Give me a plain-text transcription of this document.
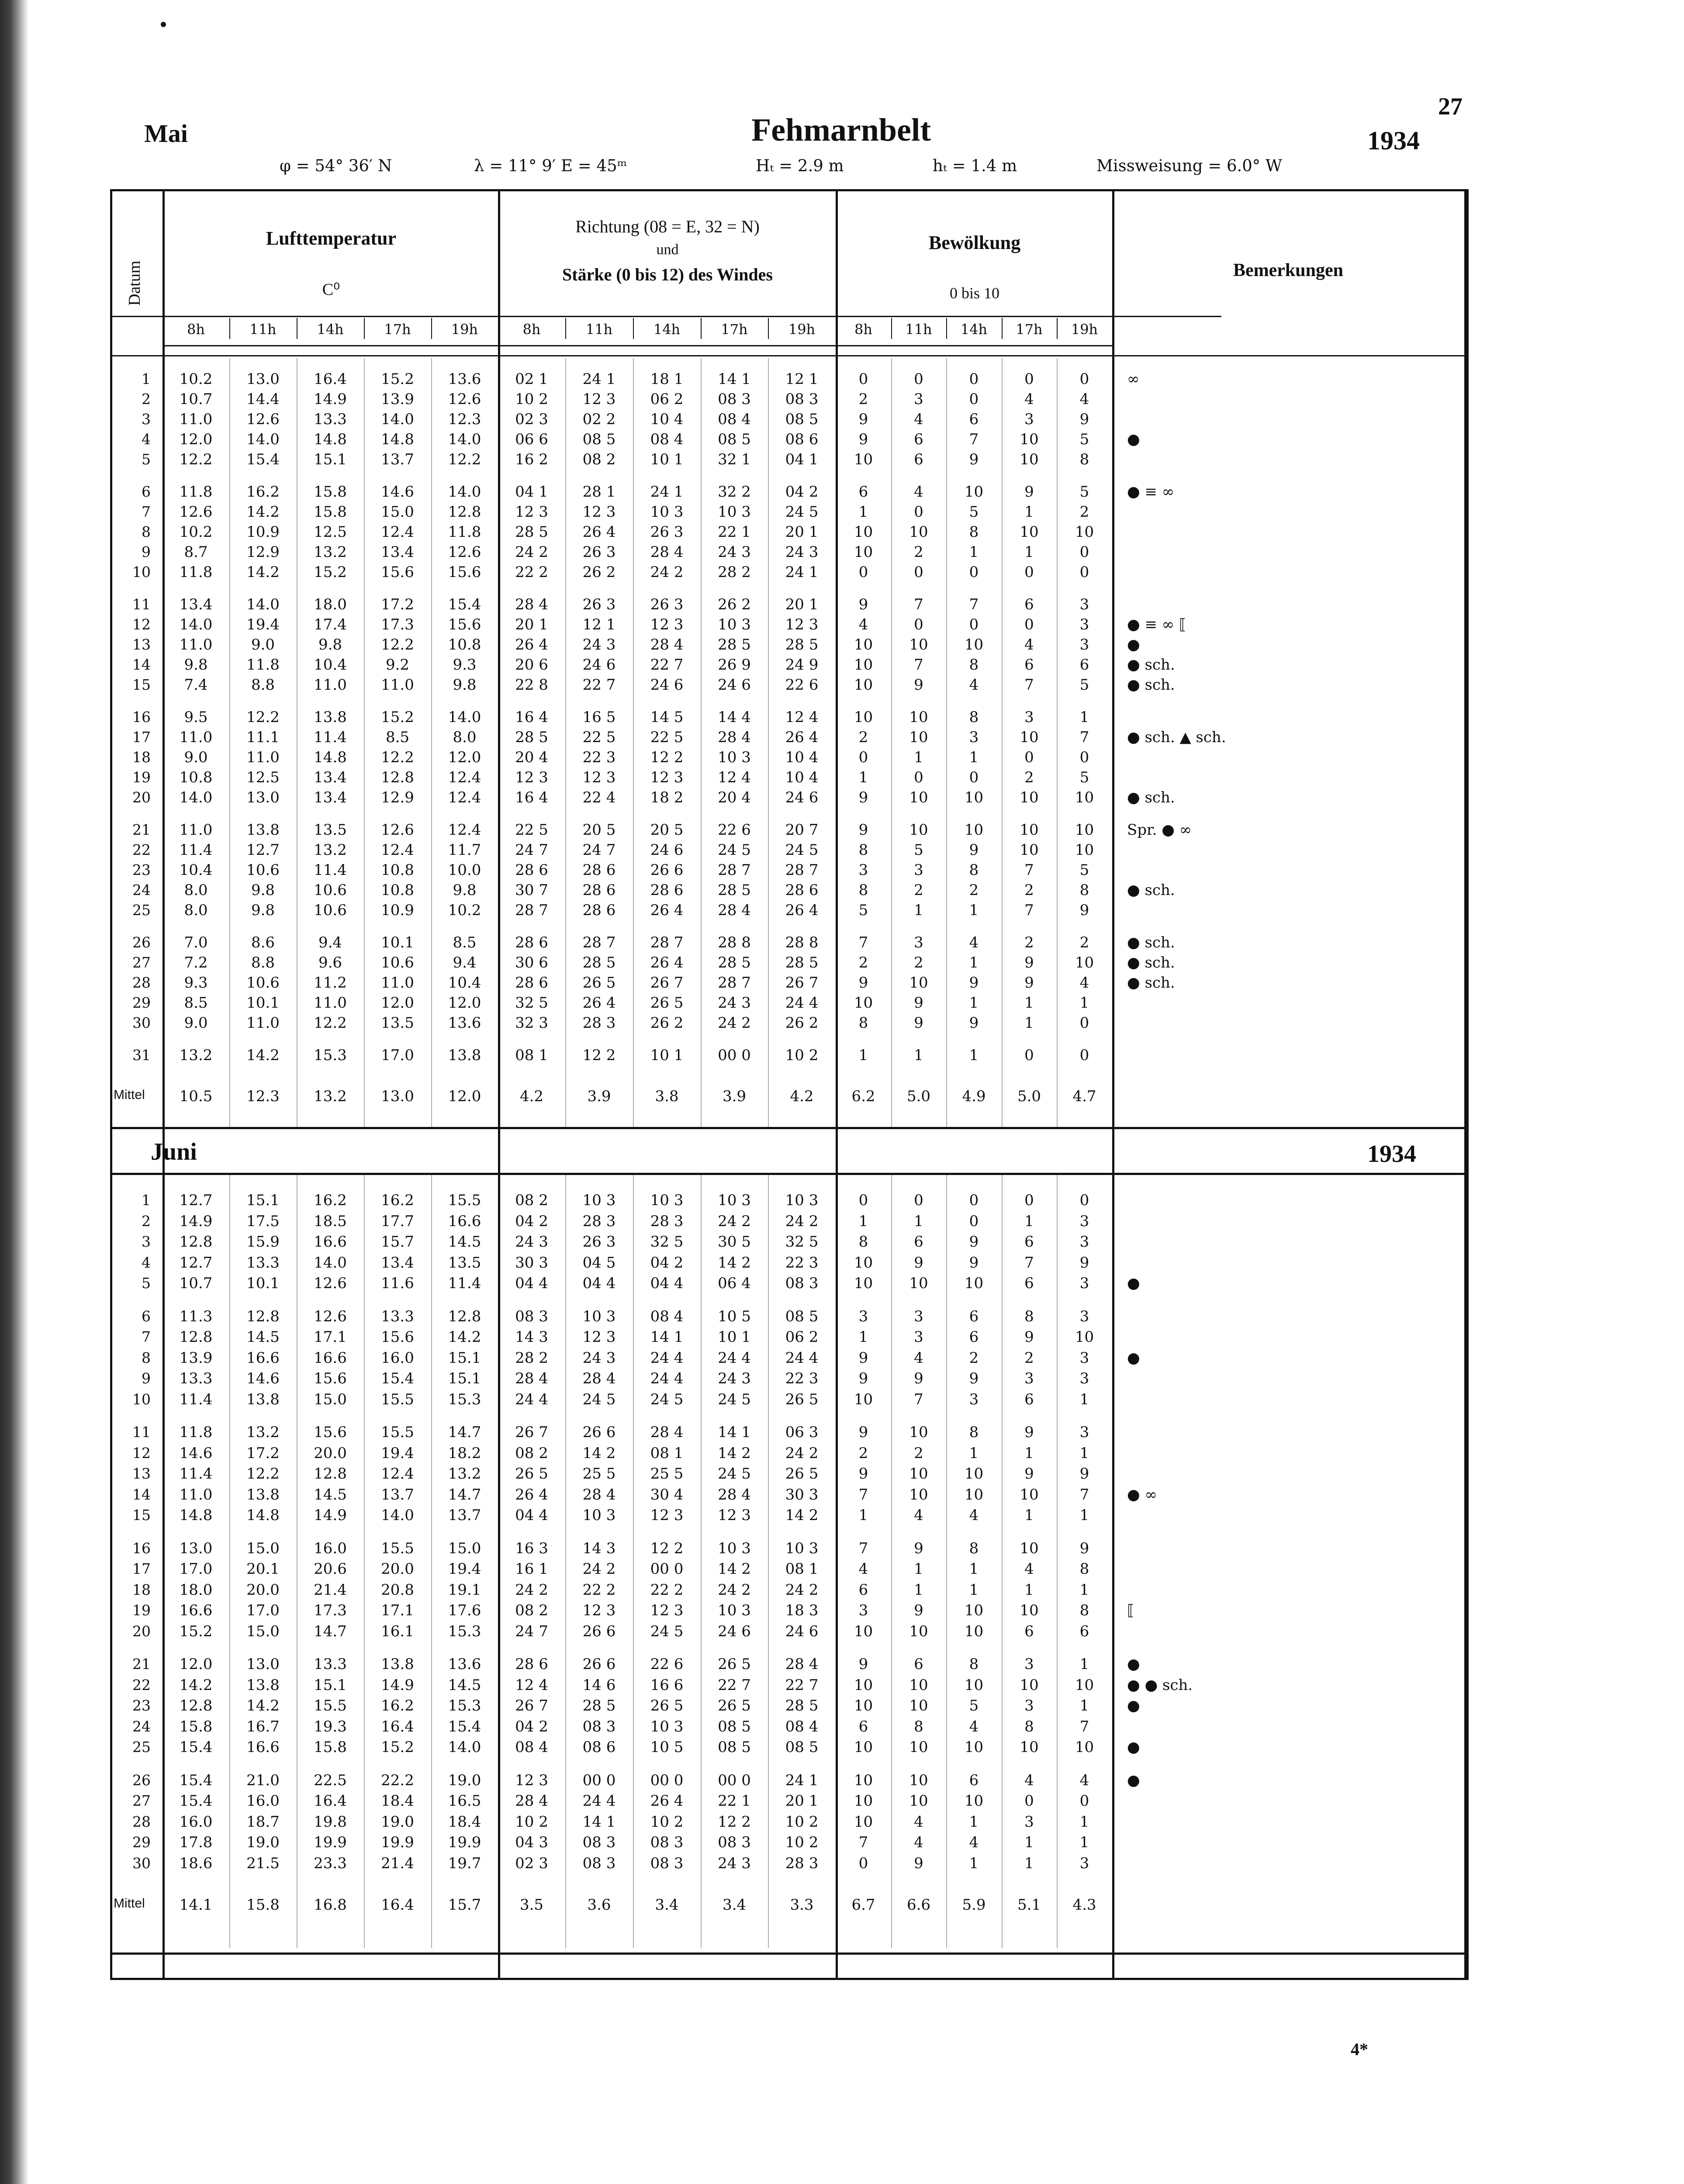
27
Mai	Fehmarnbelt	1934
φ = 54° 36′ N	λ = 11° 9′ E = 45ᵐ	Hₜ = 2.9 m	hₜ = 1.4 m	Missweisung = 6.0° W
8h	11h	14h	17h	19h	8h	11h	14h	17h	19h	8h	11h	14h	17h	19h
Datum
Lufttemperatur
C⁰
Richtung (08 = E, 32 = N)
und
Stärke (0 bis 12) des Windes
Bewölkung
0 bis 10
Bemerkungen
1	10.2	13.0	16.4	15.2	13.6	02 1	24 1	18 1	14 1	12 1	0	0	0	0	0	∞
2	10.7	14.4	14.9	13.9	12.6	10 2	12 3	06 2	08 3	08 3	2	3	0	4	4
3	11.0	12.6	13.3	14.0	12.3	02 3	02 2	10 4	08 4	08 5	9	4	6	3	9
4	12.0	14.0	14.8	14.8	14.0	06 6	08 5	08 4	08 5	08 6	9	6	7	10	5	●
5	12.2	15.4	15.1	13.7	12.2	16 2	08 2	10 1	32 1	04 1	10	6	9	10	8
6	11.8	16.2	15.8	14.6	14.0	04 1	28 1	24 1	32 2	04 2	6	4	10	9	5	● ≡ ∞
7	12.6	14.2	15.8	15.0	12.8	12 3	12 3	10 3	10 3	24 5	1	0	5	1	2
8	10.2	10.9	12.5	12.4	11.8	28 5	26 4	26 3	22 1	20 1	10	10	8	10	10
9	8.7	12.9	13.2	13.4	12.6	24 2	26 3	28 4	24 3	24 3	10	2	1	1	0
10	11.8	14.2	15.2	15.6	15.6	22 2	26 2	24 2	28 2	24 1	0	0	0	0	0
11	13.4	14.0	18.0	17.2	15.4	28 4	26 3	26 3	26 2	20 1	9	7	7	6	3
12	14.0	19.4	17.4	17.3	15.6	20 1	12 1	12 3	10 3	12 3	4	0	0	0	3	● ≡ ∞ ⟦
13	11.0	9.0	9.8	12.2	10.8	26 4	24 3	28 4	28 5	28 5	10	10	10	4	3	●
14	9.8	11.8	10.4	9.2	9.3	20 6	24 6	22 7	26 9	24 9	10	7	8	6	6	● sch.
15	7.4	8.8	11.0	11.0	9.8	22 8	22 7	24 6	24 6	22 6	10	9	4	7	5	● sch.
16	9.5	12.2	13.8	15.2	14.0	16 4	16 5	14 5	14 4	12 4	10	10	8	3	1
17	11.0	11.1	11.4	8.5	8.0	28 5	22 5	22 5	28 4	26 4	2	10	3	10	7	● sch. ▲ sch.
18	9.0	11.0	14.8	12.2	12.0	20 4	22 3	12 2	10 3	10 4	0	1	1	0	0
19	10.8	12.5	13.4	12.8	12.4	12 3	12 3	12 3	12 4	10 4	1	0	0	2	5
20	14.0	13.0	13.4	12.9	12.4	16 4	22 4	18 2	20 4	24 6	9	10	10	10	10	● sch.
21	11.0	13.8	13.5	12.6	12.4	22 5	20 5	20 5	22 6	20 7	9	10	10	10	10	Spr. ● ∞
22	11.4	12.7	13.2	12.4	11.7	24 7	24 7	24 6	24 5	24 5	8	5	9	10	10
23	10.4	10.6	11.4	10.8	10.0	28 6	28 6	26 6	28 7	28 7	3	3	8	7	5
24	8.0	9.8	10.6	10.8	9.8	30 7	28 6	28 6	28 5	28 6	8	2	2	2	8	● sch.
25	8.0	9.8	10.6	10.9	10.2	28 7	28 6	26 4	28 4	26 4	5	1	1	7	9
26	7.0	8.6	9.4	10.1	8.5	28 6	28 7	28 7	28 8	28 8	7	3	4	2	2	● sch.
27	7.2	8.8	9.6	10.6	9.4	30 6	28 5	26 4	28 5	28 5	2	2	1	9	10	● sch.
28	9.3	10.6	11.2	11.0	10.4	28 6	26 5	26 7	28 7	26 7	9	10	9	9	4	● sch.
29	8.5	10.1	11.0	12.0	12.0	32 5	26 4	26 5	24 3	24 4	10	9	1	1	1
30	9.0	11.0	12.2	13.5	13.6	32 3	28 3	26 2	24 2	26 2	8	9	9	1	0
31	13.2	14.2	15.3	17.0	13.8	08 1	12 2	10 1	00 0	10 2	1	1	1	0	0
Mittel	10.5	12.3	13.2	13.0	12.0	4.2	3.9	3.8	3.9	4.2	6.2	5.0	4.9	5.0	4.7
Juni	1934
1	12.7	15.1	16.2	16.2	15.5	08 2	10 3	10 3	10 3	10 3	0	0	0	0	0
2	14.9	17.5	18.5	17.7	16.6	04 2	28 3	28 3	24 2	24 2	1	1	0	1	3
3	12.8	15.9	16.6	15.7	14.5	24 3	26 3	32 5	30 5	32 5	8	6	9	6	3
4	12.7	13.3	14.0	13.4	13.5	30 3	04 5	04 2	14 2	22 3	10	9	9	7	9
5	10.7	10.1	12.6	11.6	11.4	04 4	04 4	04 4	06 4	08 3	10	10	10	6	3	●
6	11.3	12.8	12.6	13.3	12.8	08 3	10 3	08 4	10 5	08 5	3	3	6	8	3
7	12.8	14.5	17.1	15.6	14.2	14 3	12 3	14 1	10 1	06 2	1	3	6	9	10
8	13.9	16.6	16.6	16.0	15.1	28 2	24 3	24 4	24 4	24 4	9	4	2	2	3	●
9	13.3	14.6	15.6	15.4	15.1	28 4	28 4	24 4	24 3	22 3	9	9	9	3	3
10	11.4	13.8	15.0	15.5	15.3	24 4	24 5	24 5	24 5	26 5	10	7	3	6	1
11	11.8	13.2	15.6	15.5	14.7	26 7	26 6	28 4	14 1	06 3	9	10	8	9	3
12	14.6	17.2	20.0	19.4	18.2	08 2	14 2	08 1	14 2	24 2	2	2	1	1	1
13	11.4	12.2	12.8	12.4	13.2	26 5	25 5	25 5	24 5	26 5	9	10	10	9	9
14	11.0	13.8	14.5	13.7	14.7	26 4	28 4	30 4	28 4	30 3	7	10	10	10	7	● ∞
15	14.8	14.8	14.9	14.0	13.7	04 4	10 3	12 3	12 3	14 2	1	4	4	1	1
16	13.0	15.0	16.0	15.5	15.0	16 3	14 3	12 2	10 3	10 3	7	9	8	10	9
17	17.0	20.1	20.6	20.0	19.4	16 1	24 2	00 0	14 2	08 1	4	1	1	4	8
18	18.0	20.0	21.4	20.8	19.1	24 2	22 2	22 2	24 2	24 2	6	1	1	1	1
19	16.6	17.0	17.3	17.1	17.6	08 2	12 3	12 3	10 3	18 3	3	9	10	10	8	⟦
20	15.2	15.0	14.7	16.1	15.3	24 7	26 6	24 5	24 6	24 6	10	10	10	6	6
21	12.0	13.0	13.3	13.8	13.6	28 6	26 6	22 6	26 5	28 4	9	6	8	3	1	●
22	14.2	13.8	15.1	14.9	14.5	12 4	14 6	16 6	22 7	22 7	10	10	10	10	10	● ● sch.
23	12.8	14.2	15.5	16.2	15.3	26 7	28 5	26 5	26 5	28 5	10	10	5	3	1	●
24	15.8	16.7	19.3	16.4	15.4	04 2	08 3	10 3	08 5	08 4	6	8	4	8	7
25	15.4	16.6	15.8	15.2	14.0	08 4	08 6	10 5	08 5	08 5	10	10	10	10	10	●
26	15.4	21.0	22.5	22.2	19.0	12 3	00 0	00 0	00 0	24 1	10	10	6	4	4	●
27	15.4	16.0	16.4	18.4	16.5	28 4	24 4	26 4	22 1	20 1	10	10	10	0	0
28	16.0	18.7	19.8	19.0	18.4	10 2	14 1	10 2	12 2	10 2	10	4	1	3	1
29	17.8	19.0	19.9	19.9	19.9	04 3	08 3	08 3	08 3	10 2	7	4	4	1	1
30	18.6	21.5	23.3	21.4	19.7	02 3	08 3	08 3	24 3	28 3	0	9	1	1	3
Mittel	14.1	15.8	16.8	16.4	15.7	3.5	3.6	3.4	3.4	3.3	6.7	6.6	5.9	5.1	4.3
4*
